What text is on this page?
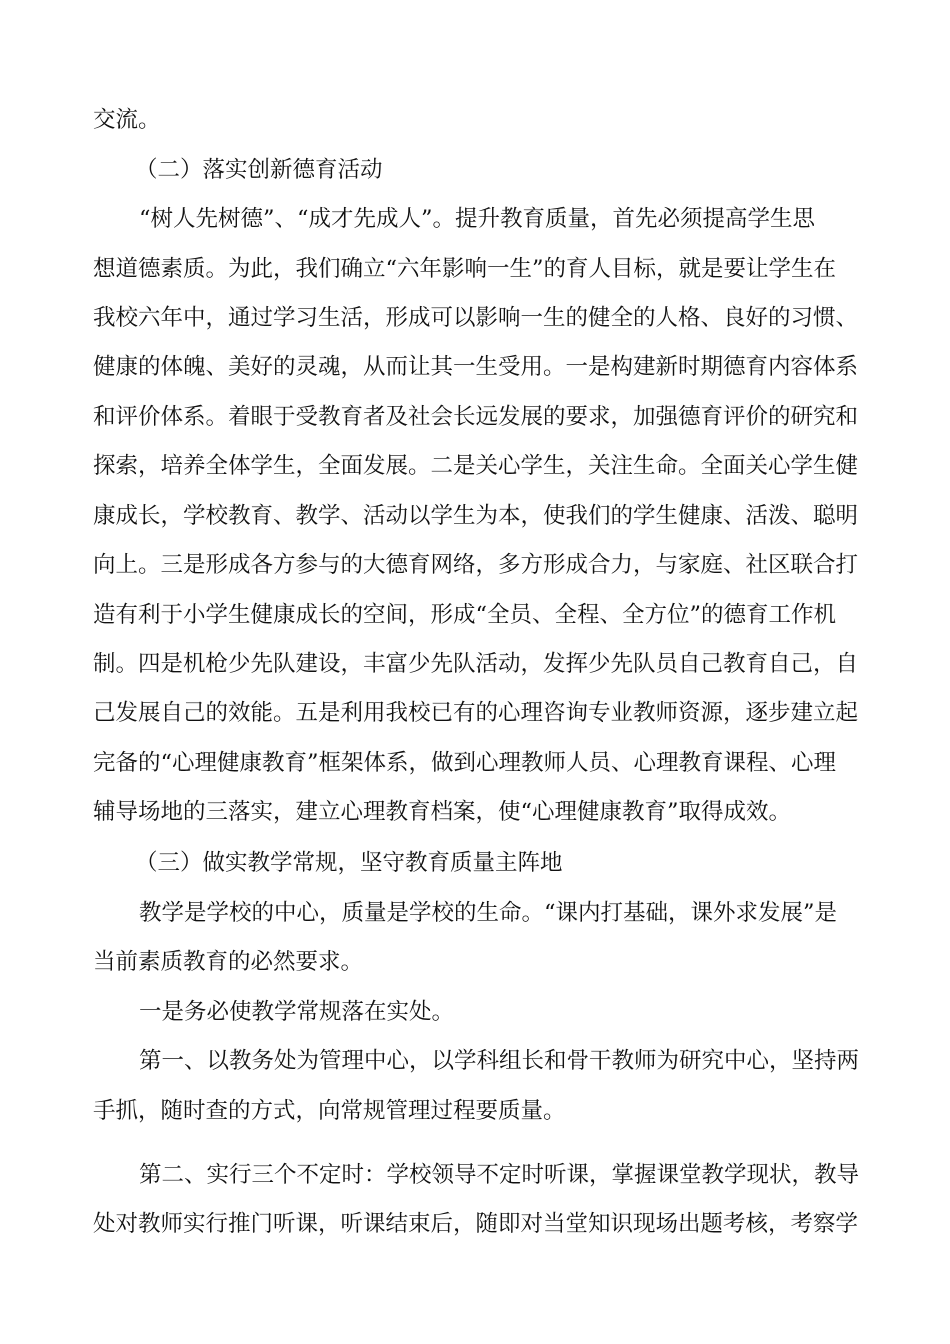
交流。
（二）落实创新德育活动
“树人先树德”、“成才先成人”。提升教育质量，首先必须提高学生思
想道德素质。为此，我们确立“六年影响一生”的育人目标，就是要让学生在
我校六年中，通过学习生活，形成可以影响一生的健全的人格、良好的习惯、
健康的体魄、美好的灵魂，从而让其一生受用。一是构建新时期德育内容体系
和评价体系。着眼于受教育者及社会长远发展的要求，加强德育评价的研究和
探索，培养全体学生，全面发展。二是关心学生，关注生命。全面关心学生健
康成长，学校教育、教学、活动以学生为本，使我们的学生健康、活泼、聪明
向上。三是形成各方参与的大德育网络，多方形成合力，与家庭、社区联合打
造有利于小学生健康成长的空间，形成“全员、全程、全方位”的德育工作机
制。四是机枪少先队建设，丰富少先队活动，发挥少先队员自己教育自己，自
己发展自己的效能。五是利用我校已有的心理咨询专业教师资源，逐步建立起
完备的“心理健康教育”框架体系，做到心理教师人员、心理教育课程、心理
辅导场地的三落实，建立心理教育档案，使“心理健康教育”取得成效。
（三）做实教学常规，坚守教育质量主阵地
教学是学校的中心，质量是学校的生命。“课内打基础，课外求发展”是
当前素质教育的必然要求。
一是务必使教学常规落在实处。
第一、以教务处为管理中心，以学科组长和骨干教师为研究中心，坚持两
手抓，随时查的方式，向常规管理过程要质量。
第二、实行三个不定时：学校领导不定时听课，掌握课堂教学现状，教导
处对教师实行推门听课，听课结束后，随即对当堂知识现场出题考核，考察学
